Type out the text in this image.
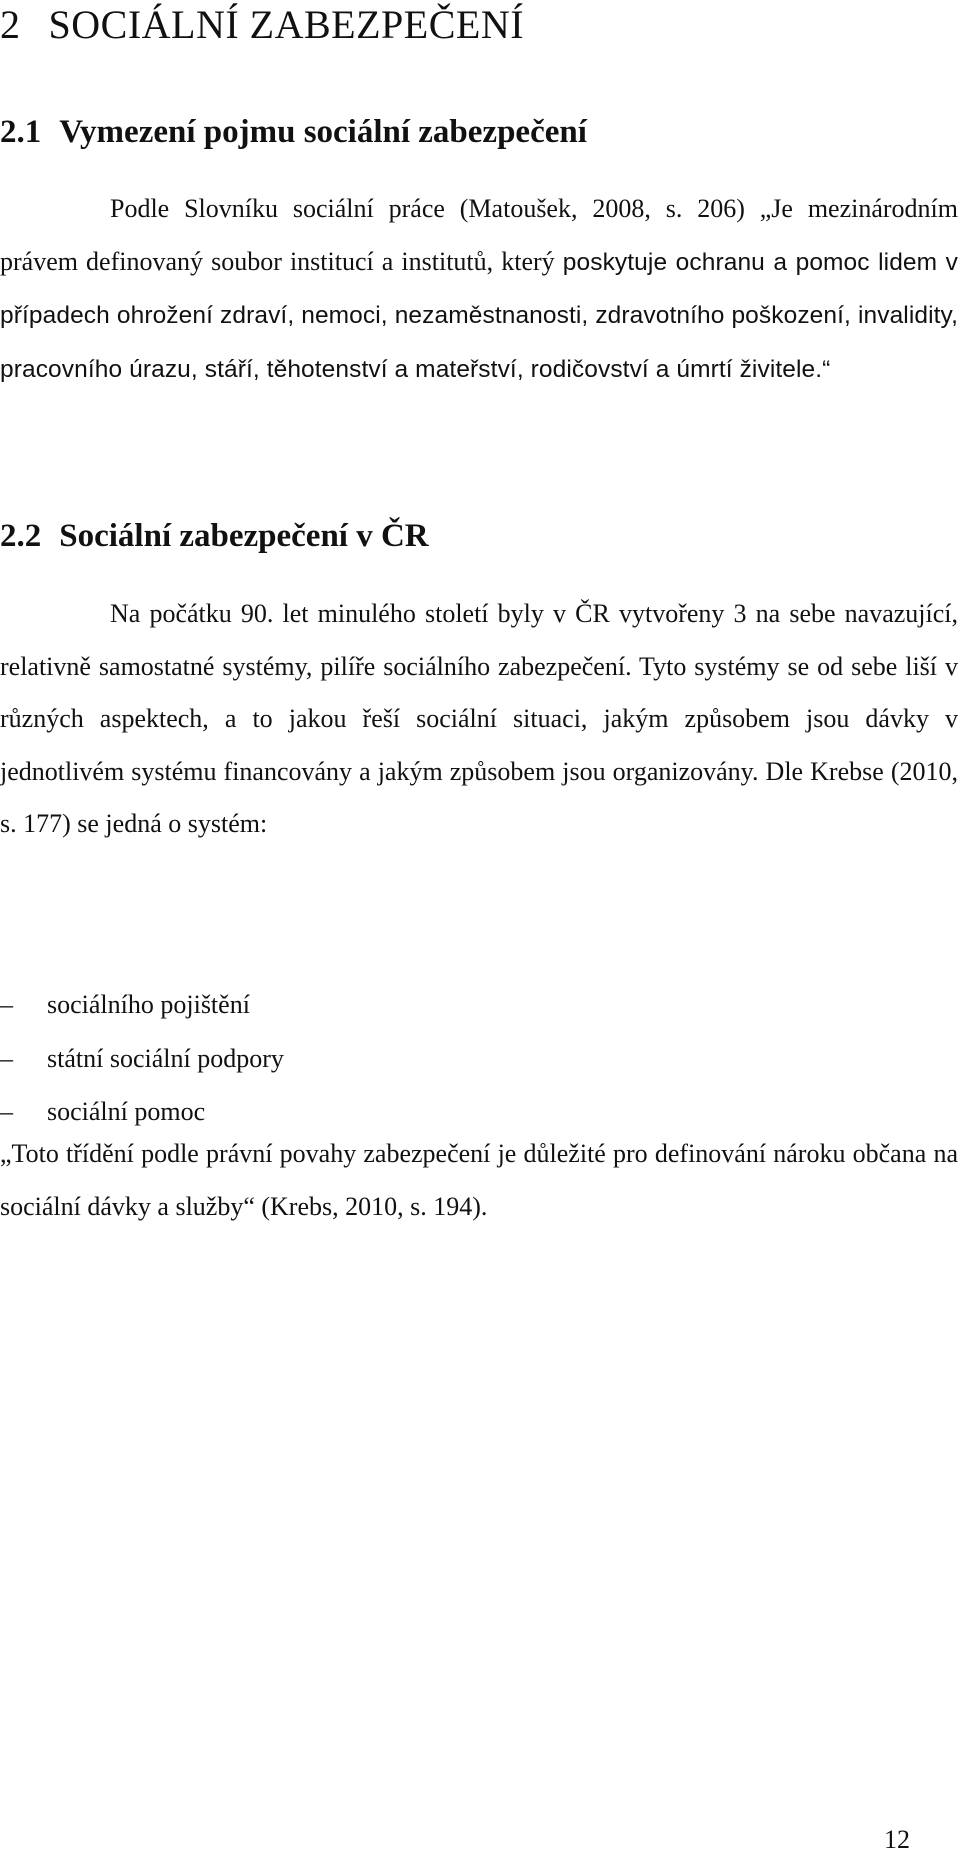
2 SOCIÁLNÍ ZABEZPEČENÍ
2.1 Vymezení pojmu sociální zabezpečení

Podle Slovníku sociální práce (Matoušek, 2008, s. 206) „Je mezinárodním právem definovaný soubor institucí a institutů, který poskytuje ochranu a pomoc lidem v případech ohrožení zdraví, nemoci, nezaměstnanosti, zdravotního poškození, invalidity, pracovního úrazu, stáří, těhotenství a mateřství, rodičovství a úmrtí živitele.“

2.2 Sociální zabezpečení v ČR

Na počátku 90. let minulého století byly v ČR vytvořeny 3 na sebe navazující, relativně samostatné systémy, pilíře sociálního zabezpečení. Tyto systémy se od sebe liší v různých aspektech, a to jakou řeší sociální situaci, jakým způsobem jsou dávky v jednotlivém systému financovány a jakým způsobem jsou organizovány. Dle Krebse (2010, s. 177) se jedná o systém:

– sociálního pojištění
– státní sociální podpory
– sociální pomoc

„Toto třídění podle právní povahy zabezpečení je důležité pro definování nároku občana na sociální dávky a služby“ (Krebs, 2010, s. 194).

12
